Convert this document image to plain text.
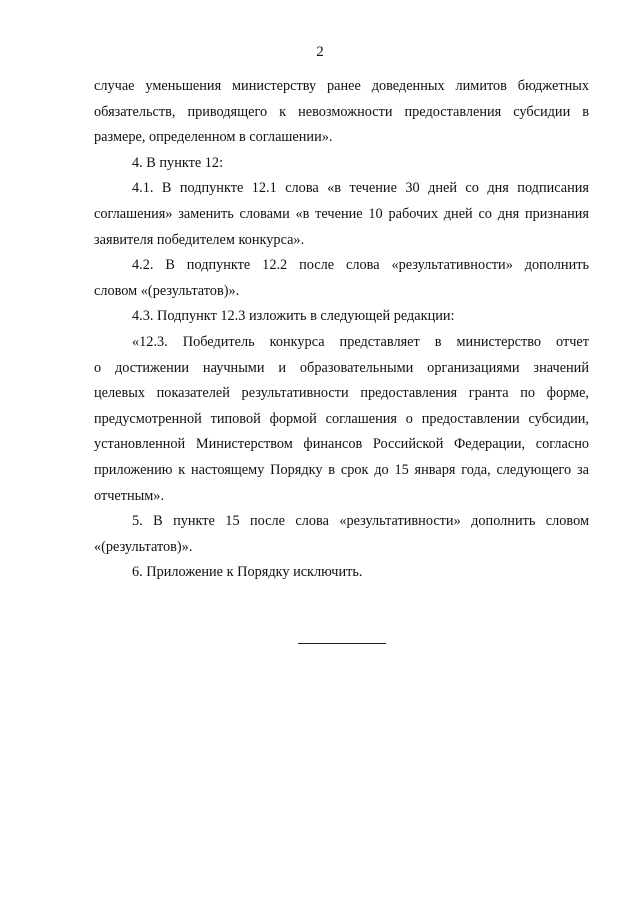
2
случае уменьшения министерству ранее доведенных лимитов бюджетных
обязательств, приводящего к невозможности предоставления субсидии в
размере, определенном в соглашении».
4. В пункте 12:
4.1. В подпункте 12.1 слова «в течение 30 дней со дня подписания
соглашения» заменить словами «в течение 10 рабочих дней со дня признания
заявителя победителем конкурса».
4.2. В подпункте 12.2 после слова «результативности» дополнить
словом «(результатов)».
4.3. Подпункт 12.3 изложить в следующей редакции:
«12.3. Победитель конкурса представляет в министерство отчет
о достижении научными и образовательными организациями значений
целевых показателей результативности предоставления гранта по форме,
предусмотренной типовой формой соглашения о предоставлении субсидии,
установленной Министерством финансов Российской Федерации, согласно
приложению к настоящему Порядку в срок до 15 января года, следующего за
отчетным».
5. В пункте 15 после слова «результативности» дополнить словом
«(результатов)».
6. Приложение к Порядку исключить.
